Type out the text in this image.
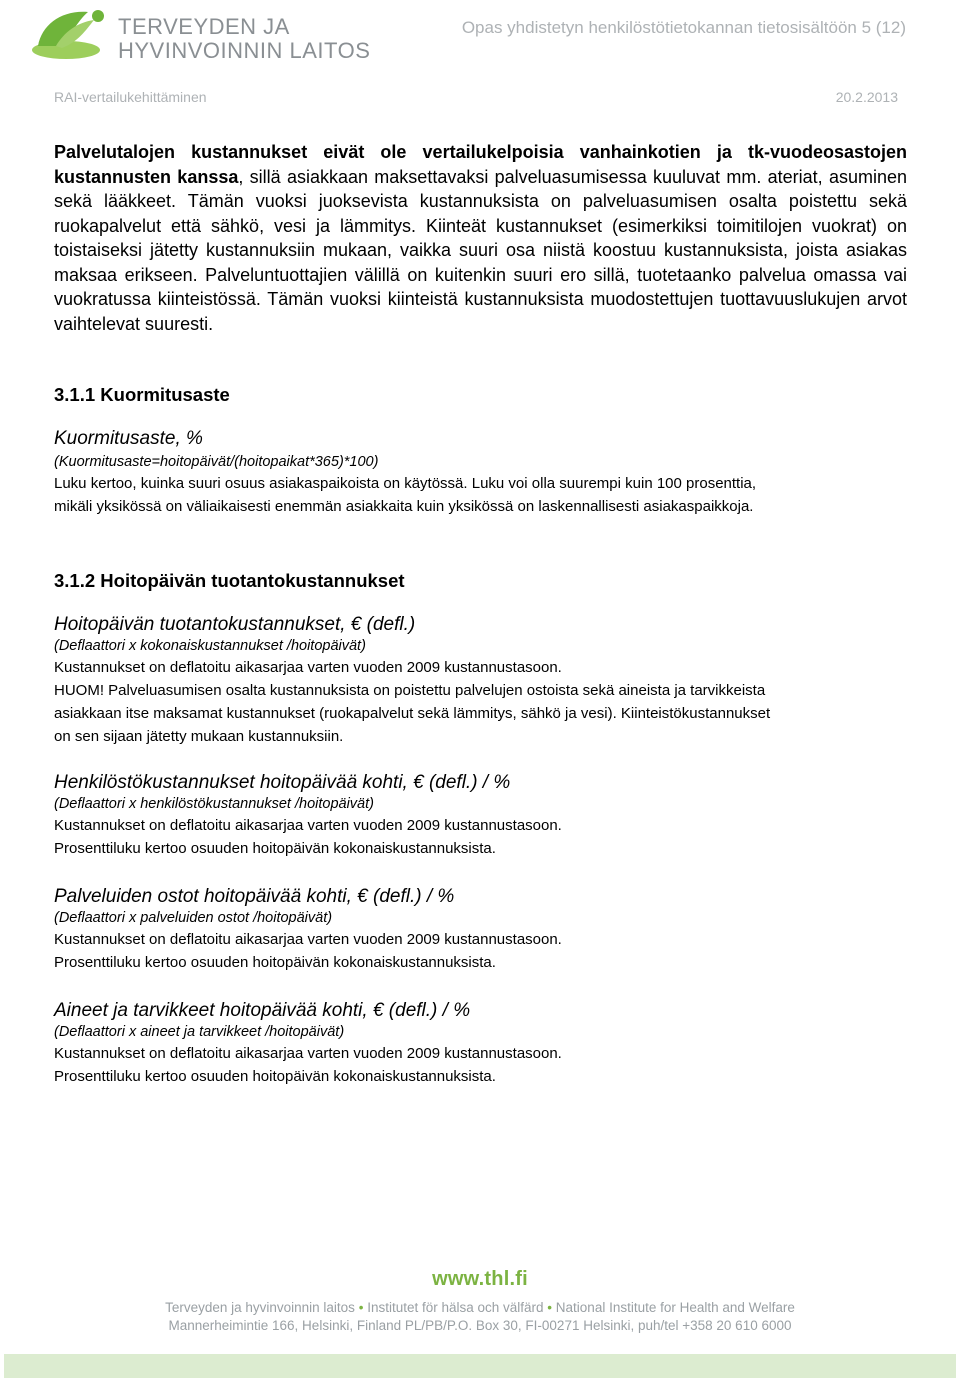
TERVEYDEN JA
HYVINVOINNIN LAITOS
Opas yhdistetyn henkilöstötietokannan tietosisältöön 5 (12)
RAI-vertailukehittäminen	20.2.2013

Palvelutalojen kustannukset eivät ole vertailukelpoisia vanhainkotien ja tk-vuodeosastojen kustannusten kanssa, sillä asiakkaan maksettavaksi palveluasumisessa kuuluvat mm. ateriat, asuminen sekä lääkkeet. Tämän vuoksi juoksevista kustannuksista on palveluasumisen osalta poistettu sekä ruokapalvelut että sähkö, vesi ja lämmitys. Kiinteät kustannukset (esimerkiksi toimitilojen vuokrat) on toistaiseksi jätetty kustannuksiin mukaan, vaikka suuri osa niistä koostuu kustannuksista, joista asiakas maksaa erikseen. Palveluntuottajien välillä on kuitenkin suuri ero sillä, tuotetaanko palvelua omassa vai vuokratussa kiinteistössä. Tämän vuoksi kiinteistä kustannuksista muodostettujen tuottavuuslukujen arvot vaihtelevat suuresti.

3.1.1 Kuormitusaste

Kuormitusaste, %

(Kuormitusaste=hoitopäivät/(hoitopaikat*365)*100)

Luku kertoo, kuinka suuri osuus asiakaspaikoista on käytössä. Luku voi olla suurempi kuin 100 prosenttia,

mikäli yksikössä on väliaikaisesti enemmän asiakkaita kuin yksikössä on laskennallisesti asiakaspaikkoja.

3.1.2 Hoitopäivän tuotantokustannukset

Hoitopäivän tuotantokustannukset, € (defl.)

(Deflaattori x kokonaiskustannukset /hoitopäivät)

Kustannukset on deflatoitu aikasarjaa varten vuoden 2009 kustannustasoon.

HUOM! Palveluasumisen osalta kustannuksista on poistettu palvelujen ostoista sekä aineista ja tarvikkeista

asiakkaan itse maksamat kustannukset (ruokapalvelut sekä lämmitys, sähkö ja vesi). Kiinteistökustannukset

on sen sijaan jätetty mukaan kustannuksiin.

Henkilöstökustannukset hoitopäivää kohti, € (defl.) / %

(Deflaattori x henkilöstökustannukset /hoitopäivät)

Kustannukset on deflatoitu aikasarjaa varten vuoden 2009 kustannustasoon.

Prosenttiluku kertoo osuuden hoitopäivän kokonaiskustannuksista.

Palveluiden ostot hoitopäivää kohti, € (defl.) / %

(Deflaattori x palveluiden ostot /hoitopäivät)

Kustannukset on deflatoitu aikasarjaa varten vuoden 2009 kustannustasoon.

Prosenttiluku kertoo osuuden hoitopäivän kokonaiskustannuksista.

Aineet ja tarvikkeet hoitopäivää kohti, € (defl.) / %

(Deflaattori x aineet ja tarvikkeet /hoitopäivät)

Kustannukset on deflatoitu aikasarjaa varten vuoden 2009 kustannustasoon.

Prosenttiluku kertoo osuuden hoitopäivän kokonaiskustannuksista.

www.thl.fi
Terveyden ja hyvinvoinnin laitos • Institutet för hälsa och välfärd • National Institute for Health and Welfare
Mannerheimintie 166, Helsinki, Finland PL/PB/P.O. Box 30, FI-00271 Helsinki, puh/tel +358 20 610 6000
